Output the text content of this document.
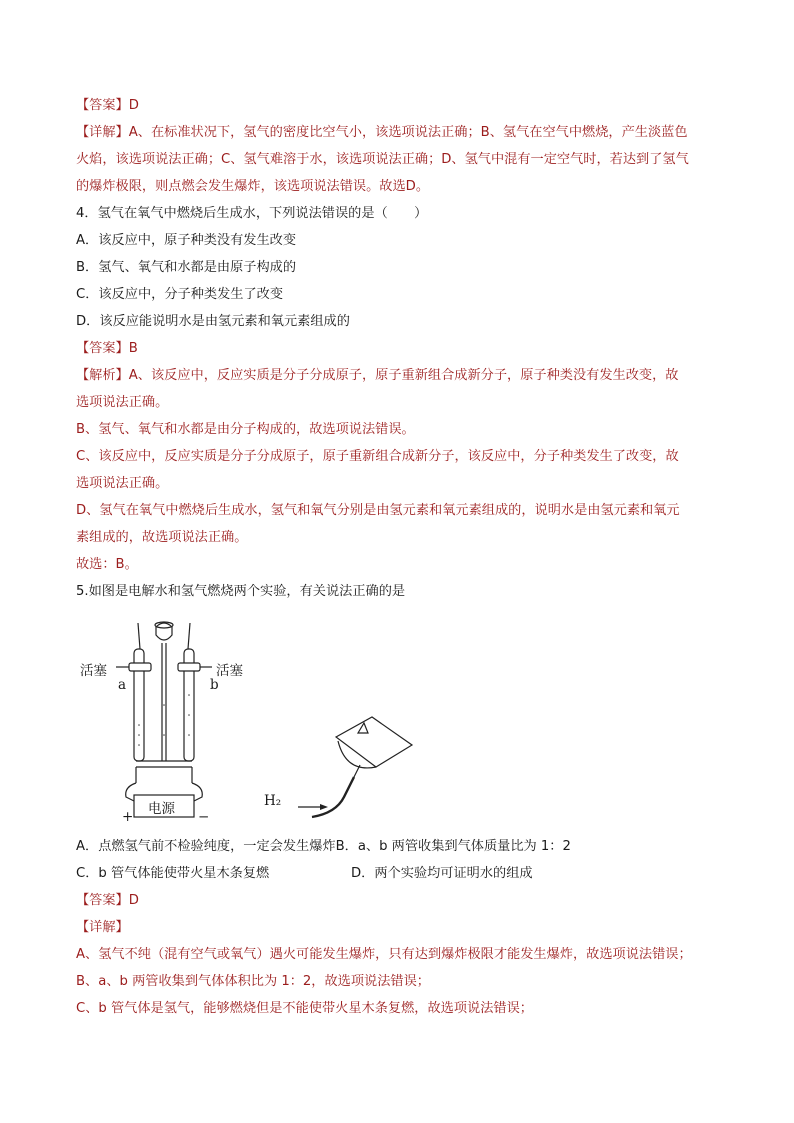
【答案】D
【详解】A、在标准状况下，氢气的密度比空气小，该选项说法正确；B、氢气在空气中燃烧，产生淡蓝色
火焰，该选项说法正确；C、氢气难溶于水，该选项说法正确；D、氢气中混有一定空气时，若达到了氢气
的爆炸极限，则点燃会发生爆炸，该选项说法错误。故选D。
4．氢气在氧气中燃烧后生成水，下列说法错误的是（　　）
A．该反应中，原子种类没有发生改变
B．氢气、氧气和水都是由原子构成的
C．该反应中，分子种类发生了改变
D．该反应能说明水是由氢元素和氧元素组成的
【答案】B
【解析】A、该反应中，反应实质是分子分成原子，原子重新组合成新分子，原子种类没有发生改变，故
选项说法正确。
B、氢气、氧气和水都是由分子构成的，故选项说法错误。
C、该反应中，反应实质是分子分成原子，原子重新组合成新分子，该反应中，分子种类发生了改变，故
选项说法正确。
D、氢气在氧气中燃烧后生成水，氢气和氧气分别是由氢元素和氧元素组成的，说明水是由氢元素和氧元
素组成的，故选项说法正确。
故选：B。
5.如图是电解水和氢气燃烧两个实验，有关说法正确的是
活塞	活塞
a	b
电源
+	−
H₂
A．点燃氢气前不检验纯度，一定会发生爆炸B．a、b 两管收集到气体质量比为 1：2
C．b 管气体能使带火星木条复燃	D．两个实验均可证明水的组成
【答案】D
【详解】
A、氢气不纯（混有空气或氧气）遇火可能发生爆炸，只有达到爆炸极限才能发生爆炸，故选项说法错误；
B、a、b 两管收集到气体体积比为 1：2，故选项说法错误；
C、b 管气体是氢气，能够燃烧但是不能使带火星木条复燃，故选项说法错误；
